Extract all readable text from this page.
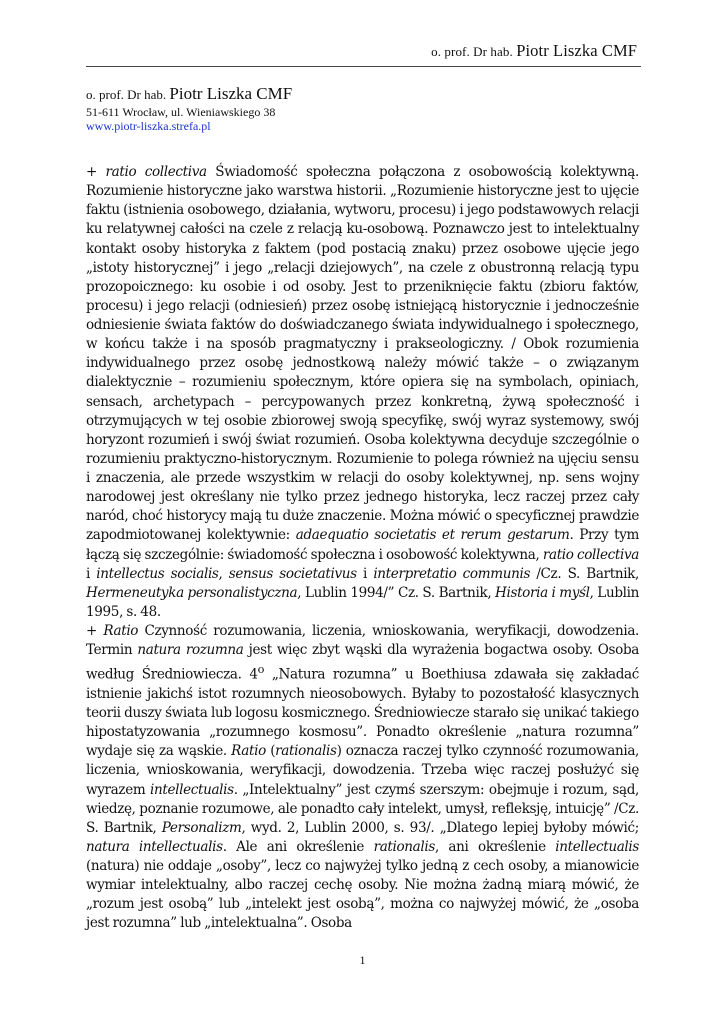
o. prof. Dr hab. Piotr Liszka CMF
o. prof. Dr hab. Piotr Liszka CMF
51-611 Wrocław, ul. Wieniawskiego 38
www.piotr-liszka.strefa.pl

+ ratio collectiva Świadomość społeczna połączona z osobowością kolektywną. Rozumienie historyczne jako warstwa historii. „Rozumienie historyczne jest to ujęcie faktu (istnienia osobowego, działania, wytworu, procesu) i jego podstawowych relacji ku relatywnej całości na czele z relacją ku-osobową. Poznawczo jest to intelektualny kontakt osoby historyka z faktem (pod postacią znaku) przez osobowe ujęcie jego „istoty historycznej” i jego „relacji dziejowych”, na czele z obustronną relacją typu prozopoicznego: ku osobie i od osoby. Jest to przeniknięcie faktu (zbioru faktów, procesu) i jego relacji (odniesień) przez osobę istniejącą historycznie i jednocześnie odniesienie świata faktów do doświadczanego świata indywidualnego i społecznego, w końcu także i na sposób pragmatyczny i prakseologiczny. / Obok rozumienia indywidualnego przez osobę jednostkową należy mówić także – o związanym dialektycznie – rozumieniu społecznym, które opiera się na symbolach, opiniach, sensach, archetypach – percypowanych przez konkretną, żywą społeczność i otrzymujących w tej osobie zbiorowej swoją specyfikę, swój wyraz systemowy, swój horyzont rozumień i swój świat rozumień. Osoba kolektywna decyduje szczególnie o rozumieniu praktyczno-historycznym. Rozumienie to polega również na ujęciu sensu i znaczenia, ale przede wszystkim w relacji do osoby kolektywnej, np. sens wojny narodowej jest określany nie tylko przez jednego historyka, lecz raczej przez cały naród, choć historycy mają tu duże znaczenie. Można mówić o specyficznej prawdzie zapodmiotowanej kolektywnie: adaequatio societatis et rerum gestarum. Przy tym łączą się szczególnie: świadomość społeczna i osobowość kolektywna, ratio collectiva i intellectus socialis, sensus societativus i interpretatio communis /Cz. S. Bartnik, Hermeneutyka personalistyczna, Lublin 1994/” Cz. S. Bartnik, Historia i myśl, Lublin 1995, s. 48.

+ Ratio Czynność rozumowania, liczenia, wnioskowania, weryfikacji, dowodzenia. Termin natura rozumna jest więc zbyt wąski dla wyrażenia bogactwa osoby. Osoba według Średniowiecza. 4$^o$ „Natura rozumna” u Boethiusa zdawała się zakładać istnienie jakichś istot rozumnych nieosobowych. Byłaby to pozostałość klasycznych teorii duszy świata lub logosu kosmicznego. Średniowiecze starało się unikać takiego hipostatyzowania „rozumnego kosmosu”. Ponadto określenie „natura rozumna” wydaje się za wąskie. Ratio (rationalis) oznacza raczej tylko czynność rozumowania, liczenia, wnioskowania, weryfikacji, dowodzenia. Trzeba więc raczej posłużyć się wyrazem intellectualis. „Intelektualny” jest czymś szerszym: obejmuje i rozum, sąd, wiedzę, poznanie rozumowe, ale ponadto cały intelekt, umysł, refleksję, intuicję” /Cz. S. Bartnik, Personalizm, wyd. 2, Lublin 2000, s. 93/. „Dlatego lepiej byłoby mówić; natura intellectualis. Ale ani określenie rationalis, ani określenie intellectualis (natura) nie oddaje „osoby”, lecz co najwyżej tylko jedną z cech osoby, a mianowicie wymiar intelektualny, albo raczej cechę osoby. Nie można żadną miarą mówić, że „rozum jest osobą” lub „intelekt jest osobą”, można co najwyżej mówić, że „osoba jest rozumna” lub „intelektualna”. Osoba

1
